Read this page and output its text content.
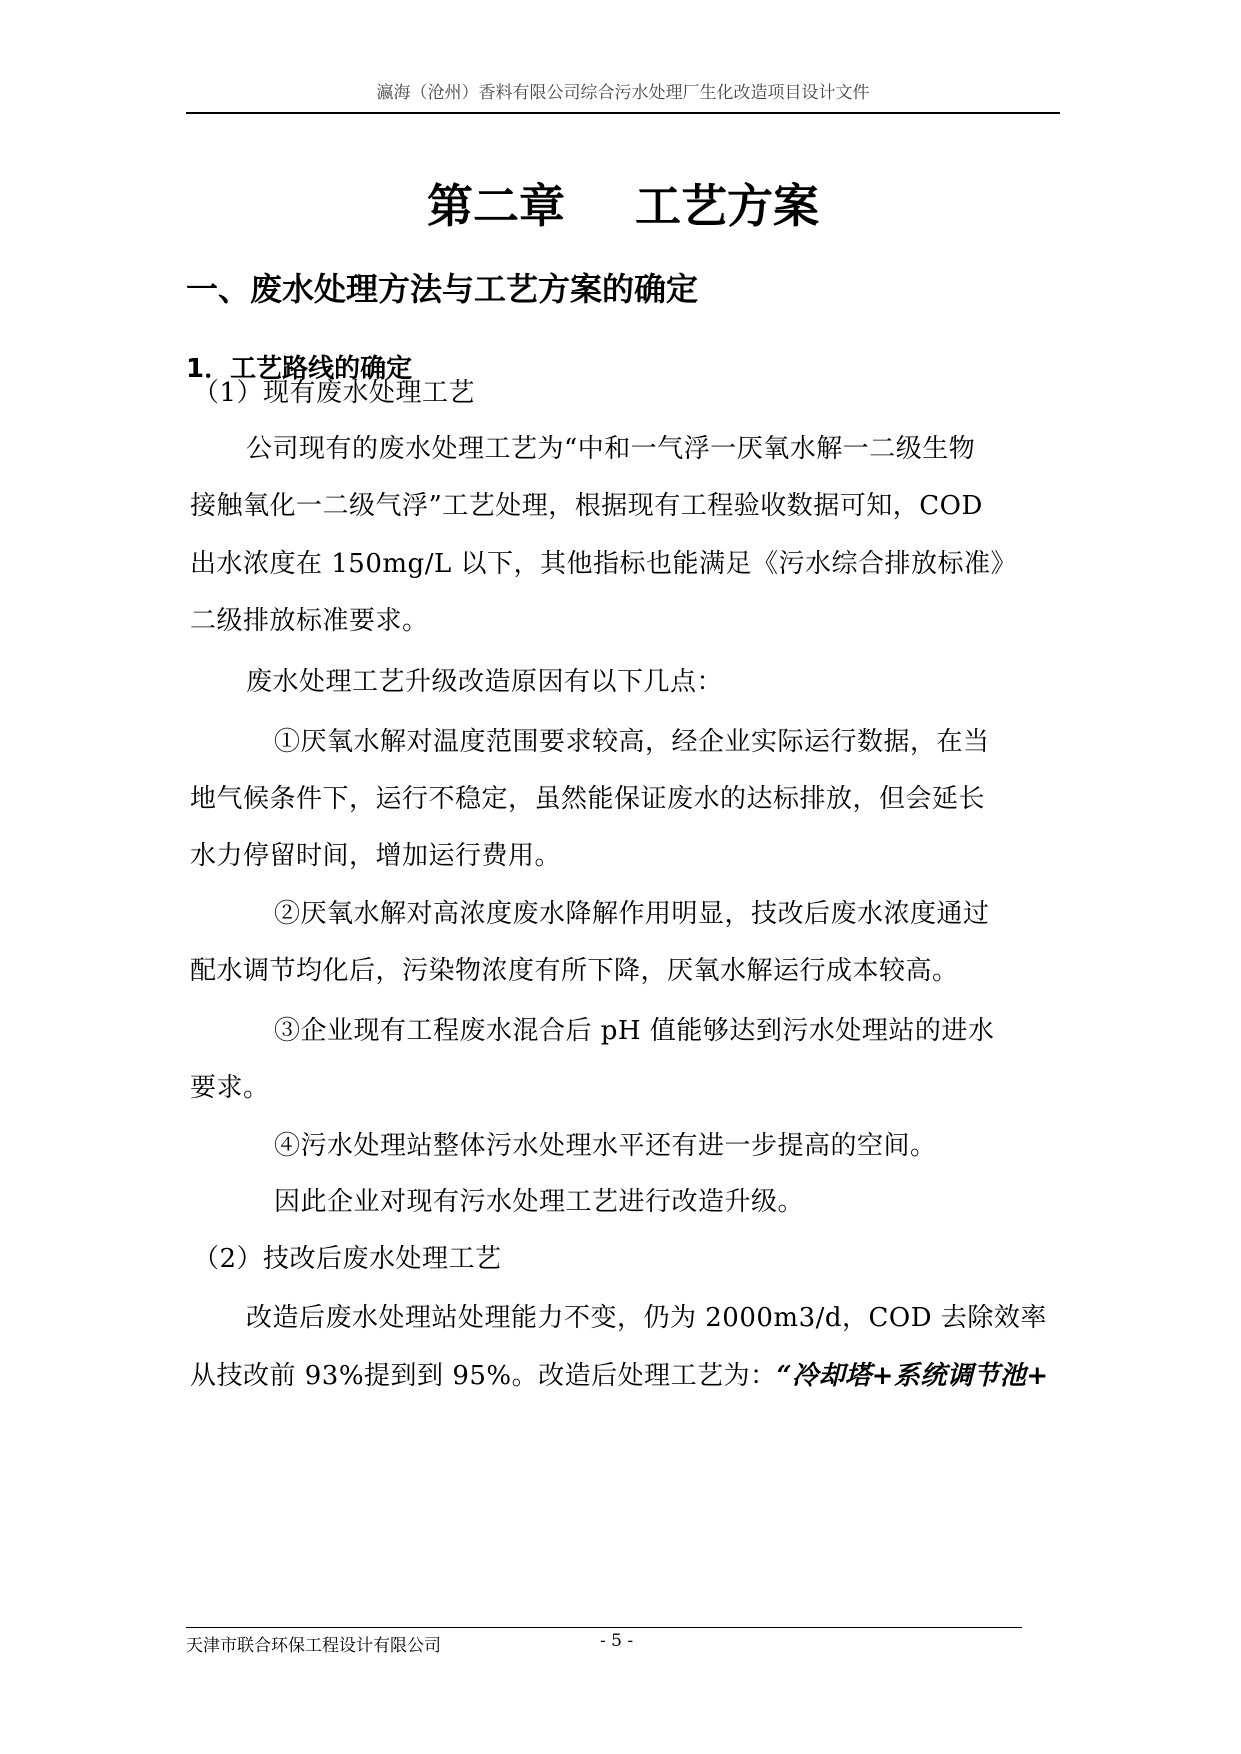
瀛海（沧州）香料有限公司综合污水处理厂生化改造项目设计文件
第二章 工艺方案
一、废水处理方法与工艺方案的确定
1．工艺路线的确定
（1）现有废水处理工艺
公司现有的废水处理工艺为“中和一气浮一厌氧水解一二级生物
接触氧化一二级气浮”工艺处理，根据现有工程验收数据可知，COD
出水浓度在 150mg/L 以下，其他指标也能满足《污水综合排放标准》
二级排放标准要求。
废水处理工艺升级改造原因有以下几点：
①厌氧水解对温度范围要求较高，经企业实际运行数据，在当
地气候条件下，运行不稳定，虽然能保证废水的达标排放，但会延长
水力停留时间，增加运行费用。
②厌氧水解对高浓度废水降解作用明显，技改后废水浓度通过
配水调节均化后，污染物浓度有所下降，厌氧水解运行成本较高。
③企业现有工程废水混合后 pH 值能够达到污水处理站的进水
要求。
④污水处理站整体污水处理水平还有进一步提高的空间。
因此企业对现有污水处理工艺进行改造升级。
（2）技改后废水处理工艺
改造后废水处理站处理能力不变，仍为 2000m3/d，COD 去除效率
从技改前 93%提到到 95%。改造后处理工艺为：“冷却塔+系统调节池+
天津市联合环保工程设计有限公司	- 5 -
